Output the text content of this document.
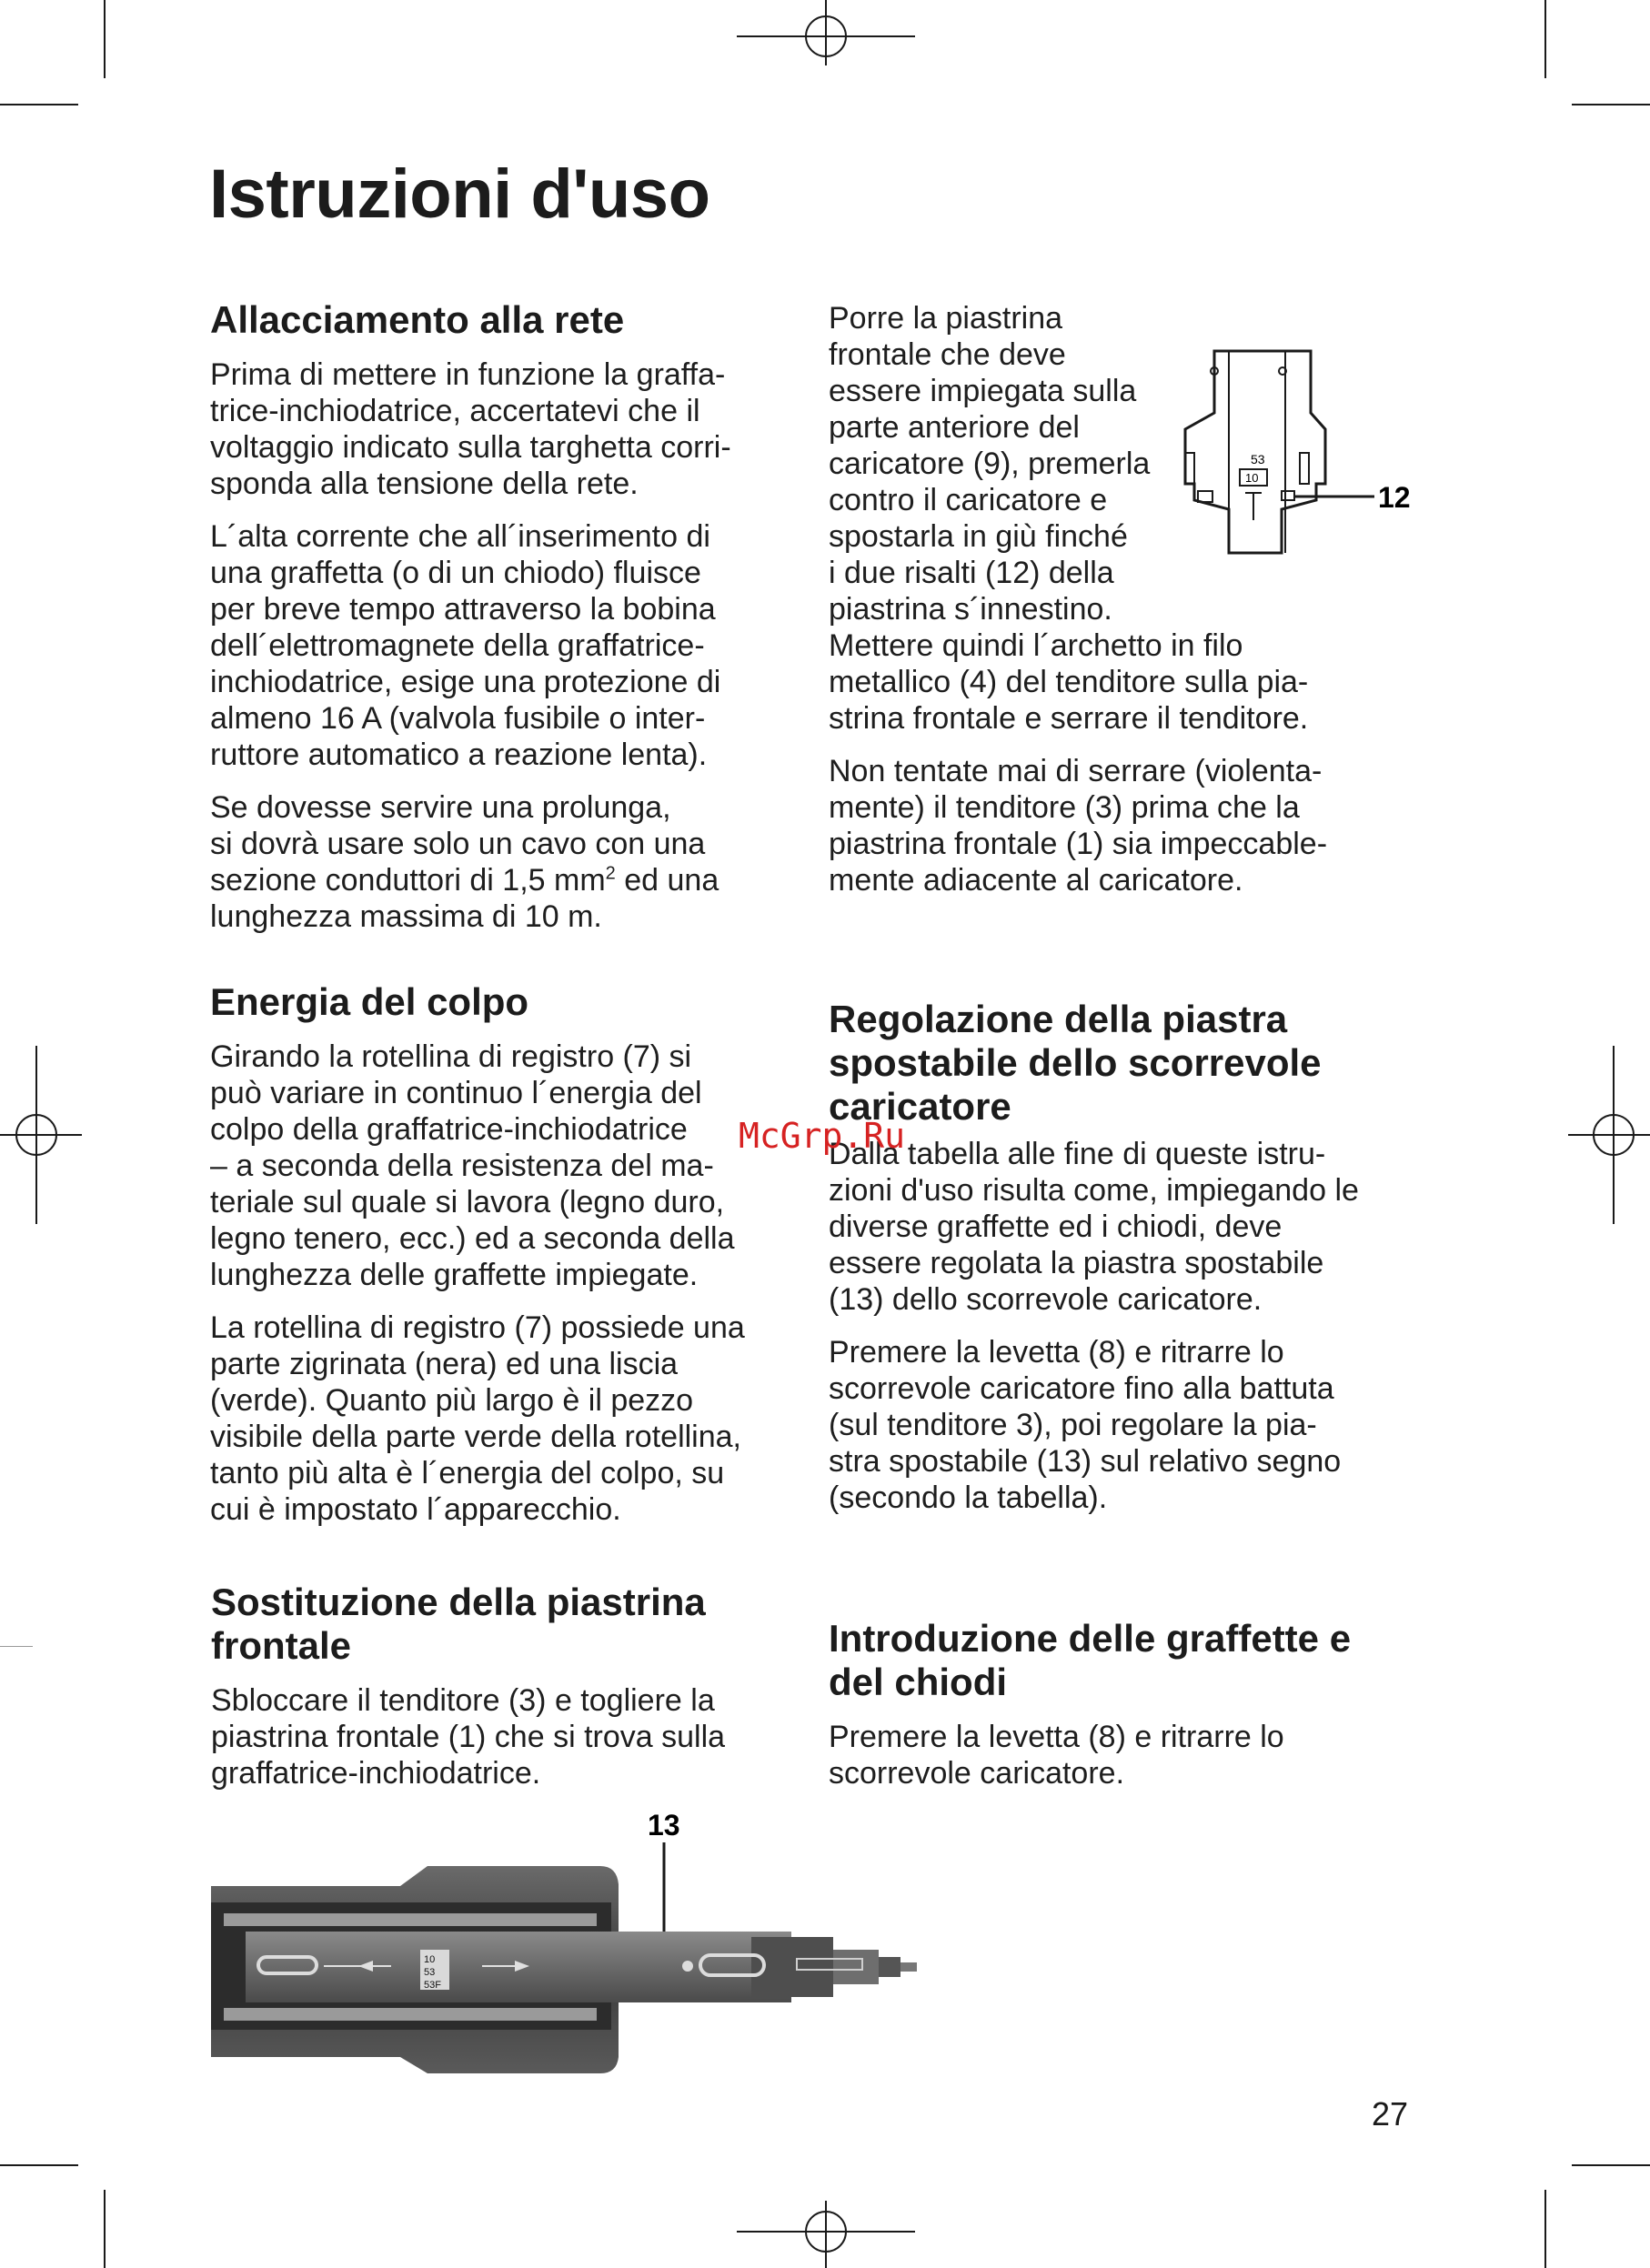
Istruzioni d'uso
Allacciamento alla rete

Prima di mettere in funzione la graffa-
trice-inchiodatrice, accertatevi che il
voltaggio indicato sulla targhetta corri-
sponda alla tensione della rete.

L´alta corrente che all´inserimento di
una graffetta (o di un chiodo) fluisce
per breve tempo attraverso la bobina
dell´elettromagnete della graffatrice-
inchiodatrice, esige una protezione di
almeno 16 A (valvola fusibile o inter-
ruttore automatico a reazione lenta).

Se dovesse servire una prolunga,
si dovrà usare solo un cavo con una
sezione conduttori di 1,5 $mm^2$ ed una
lunghezza massima di 10 m.

Energia del colpo

Girando la rotellina di registro (7) si
può variare in continuo l´energia del
colpo della graffatrice-inchiodatrice
– a seconda della resistenza del ma-
teriale sul quale si lavora (legno duro,
legno tenero, ecc.) ed a seconda della
lunghezza delle graffette impiegate.

La rotellina di registro (7) possiede una
parte zigrinata (nera) ed una liscia
(verde). Quanto più largo è il pezzo
visibile della parte verde della rotellina,
tanto più alta è l´energia del colpo, su
cui è impostato l´apparecchio.

Sostituzione della piastrina
frontale

Sbloccare il tenditore (3) e togliere la
piastrina frontale (1) che si trova sulla
graffatrice-inchiodatrice.

Porre la piastrina
frontale che deve
essere impiegata sulla
parte anteriore del
caricatore (9), premerla
contro il caricatore e
spostarla in giù finché
i due risalti (12) della
piastrina s´innestino.

Mettere quindi l´archetto in filo
metallico (4) del tenditore sulla pia-
strina frontale e serrare il tenditore.

Non tentate mai di serrare (violenta-
mente) il tenditore (3) prima che la
piastrina frontale (1) sia impeccable-
mente adiacente al caricatore.

Regolazione della piastra
spostabile dello scorrevole
caricatore

Dalla tabella alle fine di queste istru-
zioni d'uso risulta come, impiegando le
diverse graffette ed i chiodi, deve
essere regolata la piastra spostabile
(13) dello scorrevole caricatore.

Premere la levetta (8) e ritrarre lo
scorrevole caricatore fino alla battuta
(sul tenditore 3), poi regolare la pia-
stra spostabile (13) sul relativo segno
(secondo la tabella).

Introduzione delle graffette e
del chiodi

Premere la levetta (8) e ritrarre lo
scorrevole caricatore.

53
10
12
13
10
53
53F
McGrp.Ru
27
